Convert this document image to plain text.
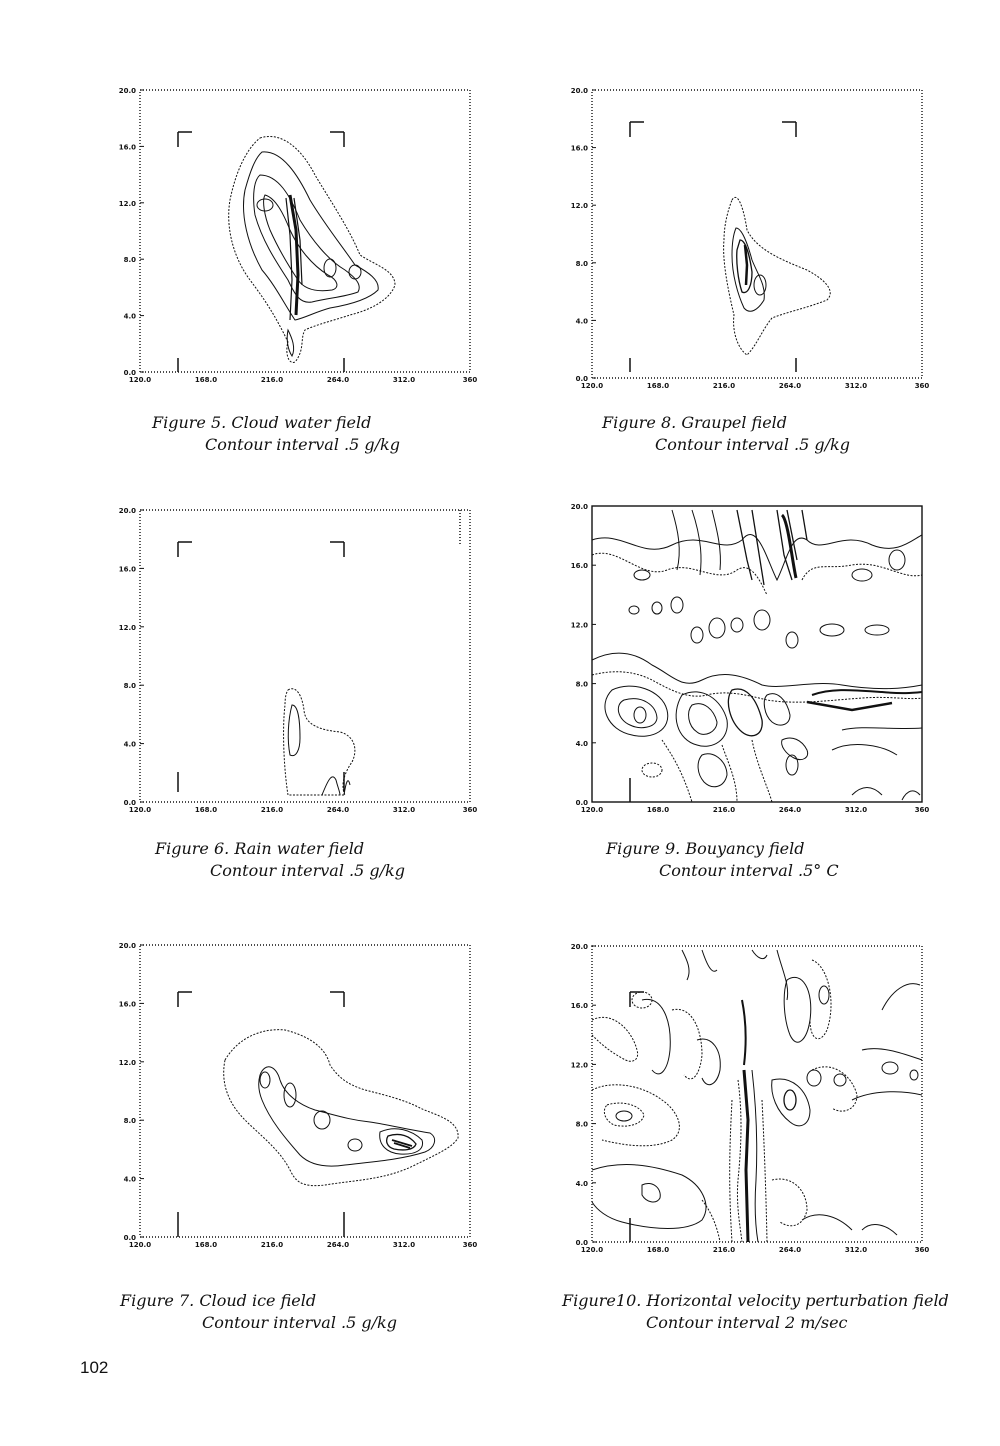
20.0
16.0
12.0
8.0
4.0
0.0
120.0	168.0	216.0	264.0	312.0	360
Figure 5. Cloud water field
Contour interval .5 g/kg
20.0
16.0
12.0
8.0
4.0
0.0
120.0	168.0	216.0	264.0	312.0	360
Figure 8. Graupel field
Contour interval .5 g/kg
20.0
16.0
12.0
8.0
4.0
0.0
120.0	168.0	216.0	264.0	312.0	360
Figure 6. Rain water field
Contour interval .5 g/kg
20.0
16.0
12.0
8.0
4.0
0.0
120.0	168.0	216.0	264.0	312.0	360
Figure 9. Bouyancy field
Contour interval .5° C
20.0
16.0
12.0
8.0
4.0
0.0
120.0	168.0	216.0	264.0	312.0	360
Figure 7. Cloud ice field
Contour interval .5 g/kg
20.0
16.0
12.0
8.0
4.0
0.0
120.0	168.0	216.0	264.0	312.0	360
Figure10. Horizontal velocity perturbation field
Contour interval 2 m/sec
102
